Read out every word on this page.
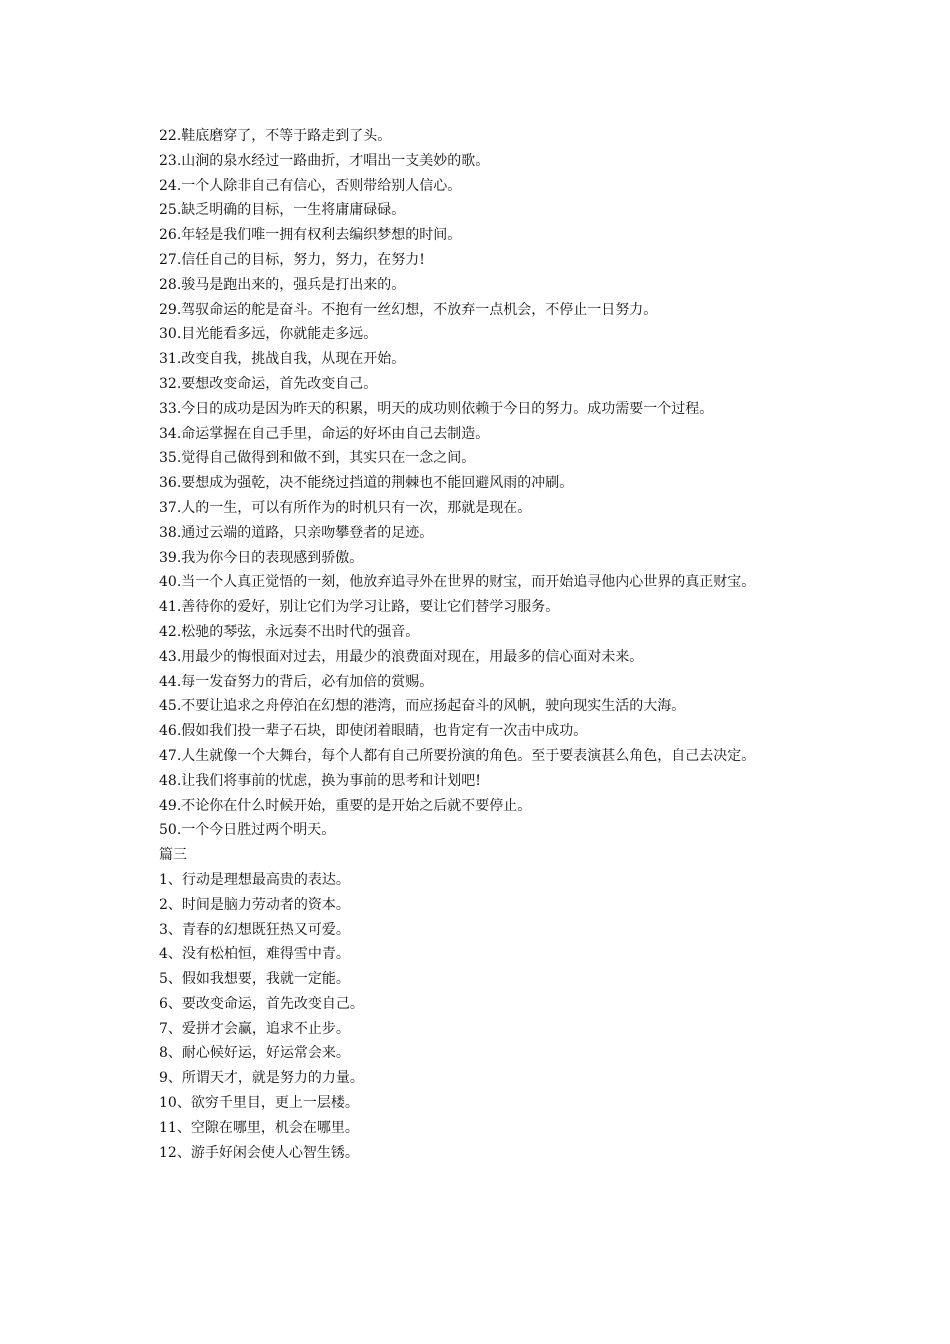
22.鞋底磨穿了，不等于路走到了头。

23.山涧的泉水经过一路曲折，才唱出一支美妙的歌。

24.一个人除非自己有信心，否则带给别人信心。

25.缺乏明确的目标，一生将庸庸碌碌。

26.年轻是我们唯一拥有权利去编织梦想的时间。

27.信任自己的目标，努力，努力，在努力!

28.骏马是跑出来的，强兵是打出来的。

29.驾驭命运的舵是奋斗。不抱有一丝幻想，不放弃一点机会，不停止一日努力。

30.目光能看多远，你就能走多远。

31.改变自我，挑战自我，从现在开始。

32.要想改变命运，首先改变自己。

33.今日的成功是因为昨天的积累，明天的成功则依赖于今日的努力。成功需要一个过程。

34.命运掌握在自己手里，命运的好坏由自己去制造。

35.觉得自己做得到和做不到，其实只在一念之间。

36.要想成为强乾，决不能绕过挡道的荆棘也不能回避风雨的冲刷。

37.人的一生，可以有所作为的时机只有一次，那就是现在。

38.通过云端的道路，只亲吻攀登者的足迹。

39.我为你今日的表现感到骄傲。

40.当一个人真正觉悟的一刻，他放弃追寻外在世界的财宝，而开始追寻他内心世界的真正财宝。

41.善待你的爱好，别让它们为学习让路，要让它们替学习服务。

42.松驰的琴弦，永远奏不出时代的强音。

43.用最少的悔恨面对过去，用最少的浪费面对现在，用最多的信心面对未来。

44.每一发奋努力的背后，必有加倍的赏赐。

45.不要让追求之舟停泊在幻想的港湾，而应扬起奋斗的风帆，驶向现实生活的大海。

46.假如我们投一辈子石块，即使闭着眼睛，也肯定有一次击中成功。

47.人生就像一个大舞台，每个人都有自己所要扮演的角色。至于要表演甚么角色，自己去决定。

48.让我们将事前的忧虑，换为事前的思考和计划吧!

49.不论你在什么时候开始，重要的是开始之后就不要停止。

50.一个今日胜过两个明天。

篇三

1、行动是理想最高贵的表达。

2、时间是脑力劳动者的资本。

3、青春的幻想既狂热又可爱。

4、没有松柏恒，难得雪中青。

5、假如我想要，我就一定能。

6、要改变命运，首先改变自己。

7、爱拼才会赢，追求不止步。

8、耐心候好运，好运常会来。

9、所谓天才，就是努力的力量。

10、欲穷千里目，更上一层楼。

11、空隙在哪里，机会在哪里。

12、游手好闲会使人心智生锈。
